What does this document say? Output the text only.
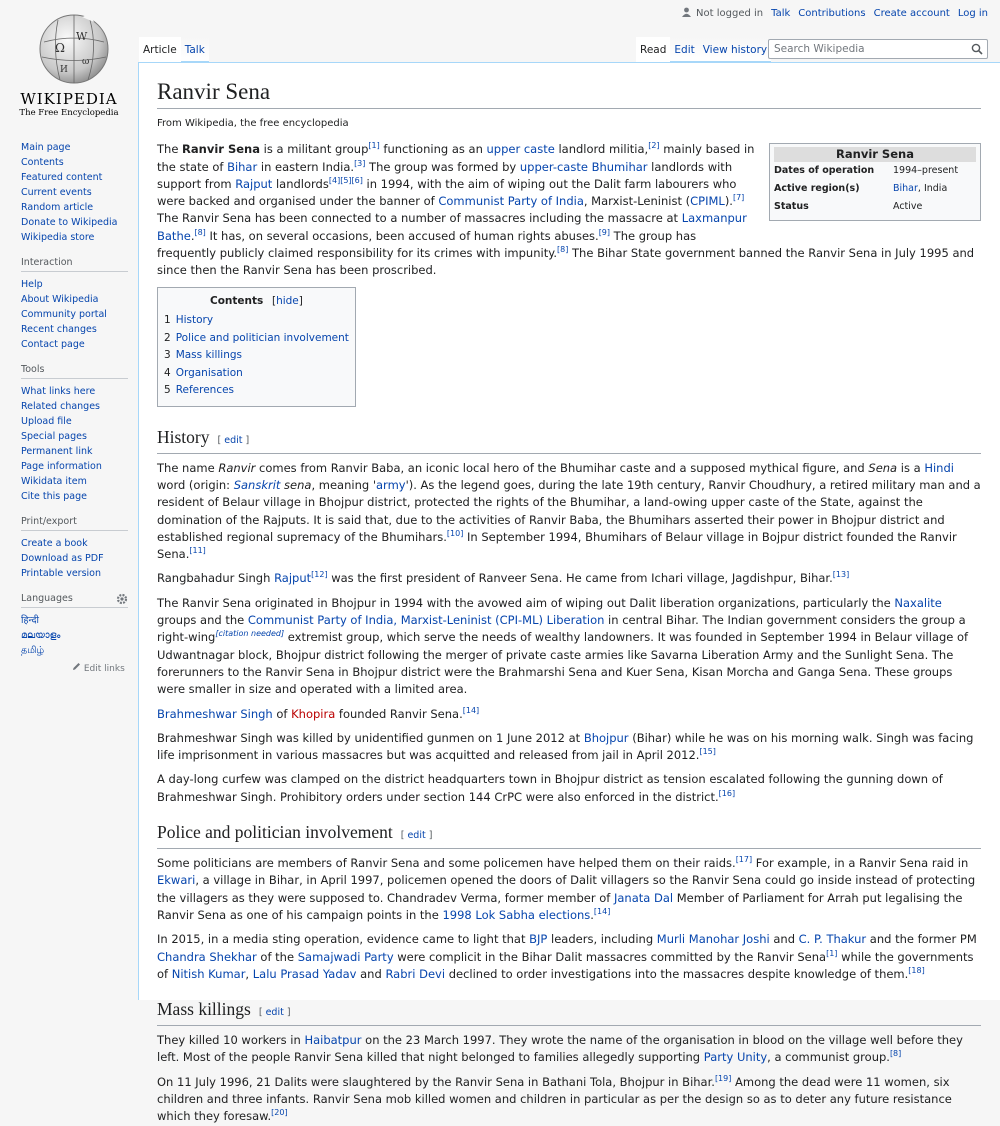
Ω
W
И
ω
WIKIPEDIA
The Free Encyclopedia
Not logged in Talk Contributions Create account Log in
Article Talk	Read Edit View history Search Wikipedia
Main page
Contents
Featured content
Current events
Random article
Donate to Wikipedia
Wikipedia store
Interaction
Help
About Wikipedia
Community portal
Recent changes
Contact page
Tools
What links here
Related changes
Upload file
Special pages
Permanent link
Page information
Wikidata item
Cite this page
Print/export
Create a book
Download as PDF
Printable version
Languages
हिन्दी
മലയാളം
தமிழ்
Edit links
Ranvir Sena
From Wikipedia, the free encyclopedia
Ranvir Sena
Dates of operation	1994–present
Active region(s)	Bihar, India
Status	Active

The Ranvir Sena is a militant group[1] functioning as an upper caste landlord militia,[2] mainly based in the state of Bihar in eastern India.[3] The group was formed by upper-caste Bhumihar landlords with support from Rajput landlords[4][5][6] in 1994, with the aim of wiping out the Dalit farm labourers who were backed and organised under the banner of Communist Party of India, Marxist-Leninist (CPIML).[7] The Ranvir Sena has been connected to a number of massacres including the massacre at Laxmanpur Bathe.[8] It has, on several occasions, been accused of human rights abuses.[9] The group has frequently publicly claimed responsibility for its crimes with impunity.[8] The Bihar State government banned the Ranvir Sena in July 1995 and since then the Ranvir Sena has been proscribed.

Contents [hide]
1 History
2 Police and politician involvement
3 Mass killings
4 Organisation
5 References
History [ edit ]

The name Ranvir comes from Ranvir Baba, an iconic local hero of the Bhumihar caste and a supposed mythical figure, and Sena is a Hindi word (origin: Sanskrit sena, meaning 'army'). As the legend goes, during the late 19th century, Ranvir Choudhury, a retired military man and a resident of Belaur village in Bhojpur district, protected the rights of the Bhumihar, a land-owing upper caste of the State, against the domination of the Rajputs. It is said that, due to the activities of Ranvir Baba, the Bhumihars asserted their power in Bhojpur district and established regional supremacy of the Bhumihars.[10] In September 1994, Bhumihars of Belaur village in Bojpur district founded the Ranvir Sena.[11]

Rangbahadur Singh Rajput[12] was the first president of Ranveer Sena. He came from Ichari village, Jagdishpur, Bihar.[13]

The Ranvir Sena originated in Bhojpur in 1994 with the avowed aim of wiping out Dalit liberation organizations, particularly the Naxalite groups and the Communist Party of India, Marxist-Leninist (CPI-ML) Liberation in central Bihar. The Indian government considers the group a right-wing[citation needed] extremist group, which serve the needs of wealthy landowners. It was founded in September 1994 in Belaur village of Udwantnagar block, Bhojpur district following the merger of private caste armies like Savarna Liberation Army and the Sunlight Sena. The forerunners to the Ranvir Sena in Bhojpur district were the Brahmarshi Sena and Kuer Sena, Kisan Morcha and Ganga Sena. These groups were smaller in size and operated with a limited area.

Brahmeshwar Singh of Khopira founded Ranvir Sena.[14]

Brahmeshwar Singh was killed by unidentified gunmen on 1 June 2012 at Bhojpur (Bihar) while he was on his morning walk. Singh was facing life imprisonment in various massacres but was acquitted and released from jail in April 2012.[15]

A day-long curfew was clamped on the district headquarters town in Bhojpur district as tension escalated following the gunning down of Brahmeshwar Singh. Prohibitory orders under section 144 CrPC were also enforced in the district.[16]

Police and politician involvement [ edit ]

Some politicians are members of Ranvir Sena and some policemen have helped them on their raids.[17] For example, in a Ranvir Sena raid in Ekwari, a village in Bihar, in April 1997, policemen opened the doors of Dalit villagers so the Ranvir Sena could go inside instead of protecting the villagers as they were supposed to. Chandradev Verma, former member of Janata Dal Member of Parliament for Arrah put legalising the Ranvir Sena as one of his campaign points in the 1998 Lok Sabha elections.[14]

In 2015, in a media sting operation, evidence came to light that BJP leaders, including Murli Manohar Joshi and C. P. Thakur and the former PM Chandra Shekhar of the Samajwadi Party were complicit in the Bihar Dalit massacres committed by the Ranvir Sena[1] while the governments of Nitish Kumar, Lalu Prasad Yadav and Rabri Devi declined to order investigations into the massacres despite knowledge of them.[18]

Mass killings [ edit ]

They killed 10 workers in Haibatpur on the 23 March 1997. They wrote the name of the organisation in blood on the village well before they left. Most of the people Ranvir Sena killed that night belonged to families allegedly supporting Party Unity, a communist group.[8]

On 11 July 1996, 21 Dalits were slaughtered by the Ranvir Sena in Bathani Tola, Bhojpur in Bihar.[19] Among the dead were 11 women, six children and three infants. Ranvir Sena mob killed women and children in particular as per the design so as to deter any future resistance which they foresaw.[20]
